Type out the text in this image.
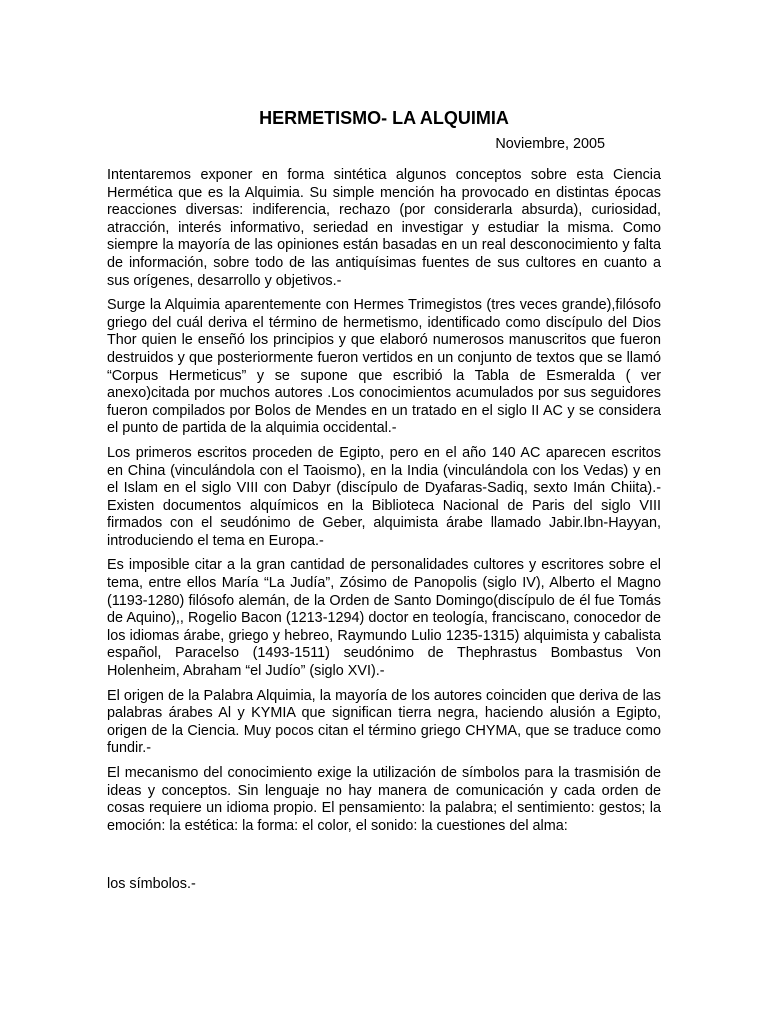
HERMETISMO- LA ALQUIMIA

Noviembre, 2005

Intentaremos exponer en forma sintética algunos conceptos sobre esta Ciencia Hermética que es la Alquimia. Su simple mención ha provocado en distintas épocas reacciones diversas: indiferencia, rechazo (por considerarla absurda), curiosidad, atracción, interés informativo, seriedad en investigar y estudiar la misma. Como siempre la mayoría de las opiniones están basadas en un real desconocimiento y falta de información, sobre todo de las antiquísimas fuentes de sus cultores en cuanto a sus orígenes, desarrollo y objetivos.-

Surge la Alquimia aparentemente con Hermes Trimegistos (tres veces grande),filósofo griego del cuál deriva el término de hermetismo, identificado como discípulo del Dios Thor quien le enseñó los principios y que elaboró numerosos manuscritos que fueron destruidos y que posteriormente fueron vertidos en un conjunto de textos que se llamó “Corpus Hermeticus” y se supone que escribió la Tabla de Esmeralda ( ver anexo)citada por muchos autores .Los conocimientos acumulados por sus seguidores fueron compilados por Bolos de Mendes en un tratado en el siglo II AC y se considera el punto de partida de la alquimia occidental.-

Los primeros escritos proceden de Egipto, pero en el año 140 AC aparecen escritos en China (vinculándola con el Taoismo), en la India (vinculándola con los Vedas) y en el Islam en el siglo VIII con Dabyr (discípulo de Dyafaras-Sadiq, sexto Imán Chiita).-Existen documentos alquímicos en la Biblioteca Nacional de Paris del siglo VIII firmados con el seudónimo de Geber, alquimista árabe llamado Jabir.Ibn-Hayyan, introduciendo el tema en Europa.-

Es imposible citar a la gran cantidad de personalidades cultores y escritores sobre el tema, entre ellos María “La Judía”, Zósimo de Panopolis (siglo IV), Alberto el Magno (1193-1280) filósofo alemán, de la Orden de Santo Domingo(discípulo de él fue Tomás de Aquino),, Rogelio Bacon (1213-1294) doctor en teología, franciscano, conocedor de los idiomas árabe, griego y hebreo, Raymundo Lulio 1235-1315) alquimista y cabalista español, Paracelso (1493-1511) seudónimo de Thephrastus Bombastus Von Holenheim, Abraham “el Judío” (siglo XVI).-

El origen de la Palabra Alquimia, la mayoría de los autores coinciden que deriva de las palabras árabes Al y KYMIA que significan tierra negra, haciendo alusión a Egipto, origen de la Ciencia. Muy pocos citan el término griego CHYMA, que se traduce como fundir.-

El mecanismo del conocimiento exige la utilización de símbolos para la trasmisión de ideas y conceptos. Sin lenguaje no hay manera de comunicación y cada orden de cosas requiere un idioma propio. El pensamiento: la palabra; el sentimiento: gestos; la emoción: la estética: la forma: el color, el sonido: la cuestiones del alma:

los símbolos.-
